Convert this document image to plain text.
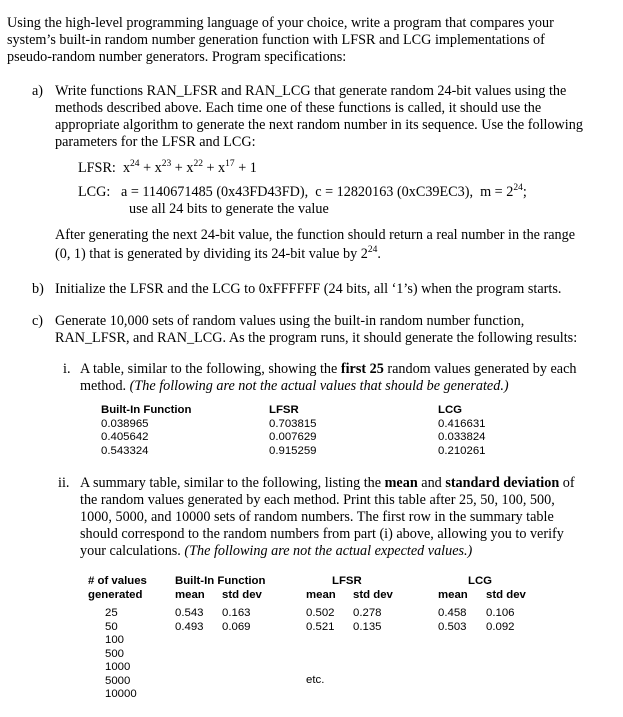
Using the high-level programming language of your choice, write a program that compares your
system’s built-in random number generation function with LFSR and LCG implementations of
pseudo-random number generators. Program specifications:
a) Write functions RAN_LFSR and RAN_LCG that generate random 24-bit values using the
methods described above. Each time one of these functions is called, it should use the
appropriate algorithm to generate the next random number in its sequence. Use the following
parameters for the LFSR and LCG:
LFSR:  $x^{24} + x^{23} + x^{22} + x^{17} + 1$
LCG: a = 1140671485 (0x43FD43FD), c = 12820163 (0xC39EC3), $m = 2^{24}$;
use all 24 bits to generate the value
After generating the next 24-bit value, the function should return a real number in the range
(0, 1) that is generated by dividing its 24-bit value by $2^{24}$.
b) Initialize the LFSR and the LCG to 0xFFFFFF (24 bits, all ‘1’s) when the program starts.
c) Generate 10,000 sets of random values using the built-in random number function,
RAN_LFSR, and RAN_LCG. As the program runs, it should generate the following results:
i. A table, similar to the following, showing the first 25 random values generated by each
method. (The following are not the actual values that should be generated.)
Built-In Function
0.038965
0.405642
0.543324
LFSR
0.703815
0.007629
0.915259
LCG
0.416631
0.033824
0.210261
ii. A summary table, similar to the following, listing the mean and standard deviation of
the random values generated by each method. Print this table after 25, 50, 100, 500,
1000, 5000, and 10000 sets of random numbers. The first row in the summary table
should correspond to the random numbers from part (i) above, allowing you to verify
your calculations. (The following are not the actual expected values.)
# of values
generated
25
50
100
500
1000
5000
10000
Built-In Function
mean
0.543
0.493
std dev
0.163
0.069
LFSR
mean
0.502
0.521
etc.
std dev
0.278
0.135
LCG
mean
0.458
0.503
std dev
0.106
0.092
